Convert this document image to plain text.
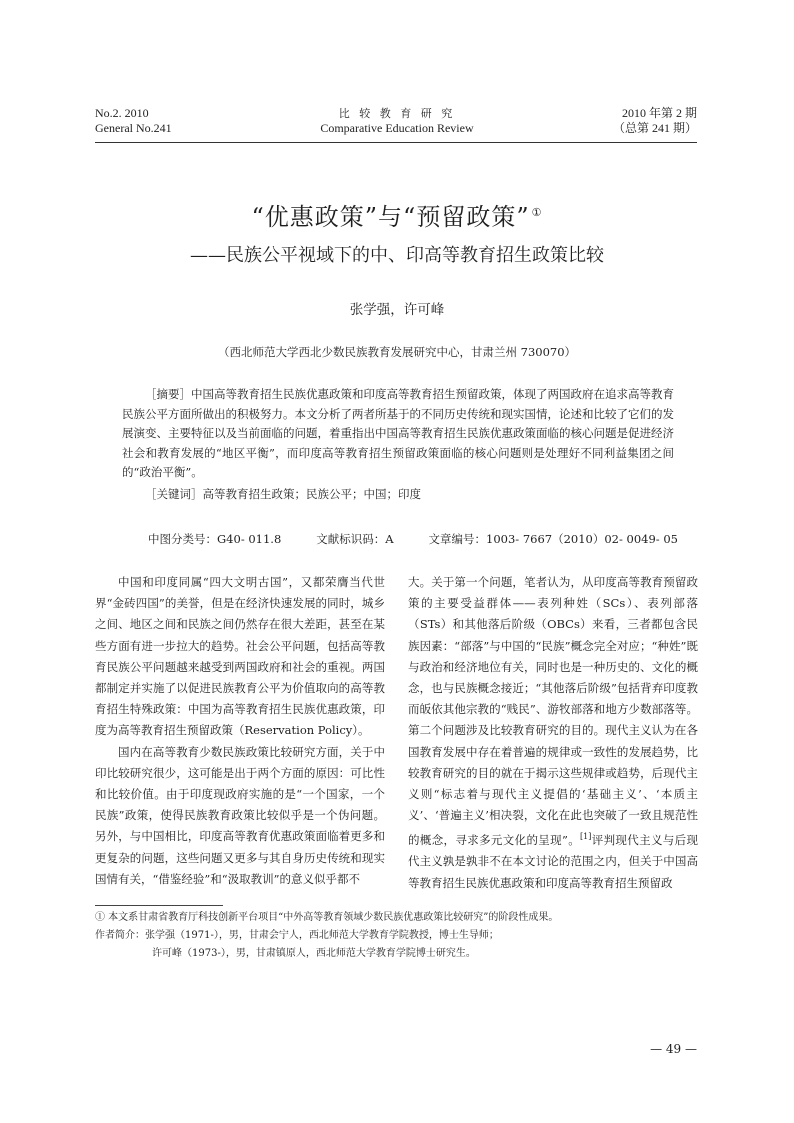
No.2. 2010
General No.241
比 较 教 育 研 究
Comparative Education Review
2010 年第 2 期
（总第 241 期）
“优惠政策”与“预留政策” ①
——民族公平视域下的中、印高等教育招生政策比较
张学强，许可峰
（西北师范大学西北少数民族教育发展研究中心，甘肃兰州 730070）
［摘要］中国高等教育招生民族优惠政策和印度高等教育招生预留政策，体现了两国政府在追求高等教育民族公平方面所做出的积极努力。本文分析了两者所基于的不同历史传统和现实国情，论述和比较了它们的发展演变、主要特征以及当前面临的问题，着重指出中国高等教育招生民族优惠政策面临的核心问题是促进经济社会和教育发展的“地区平衡”，而印度高等教育招生预留政策面临的核心问题则是处理好不同利益集团之间的“政治平衡”。
［关键词］高等教育招生政策；民族公平；中国；印度
中图分类号：G40- 011.8	文献标识码：A	文章编号：1003- 7667（2010）02- 0049- 05

中国和印度同属“四大文明古国”，又都荣膺当代世界“金砖四国”的美誉，但是在经济快速发展的同时，城乡之间、地区之间和民族之间仍然存在很大差距，甚至在某些方面有进一步拉大的趋势。社会公平问题，包括高等教育民族公平问题越来越受到两国政府和社会的重视。两国都制定并实施了以促进民族教育公平为价值取向的高等教育招生特殊政策：中国为高等教育招生民族优惠政策，印度为高等教育招生预留政策（Reservation Policy）。

国内在高等教育少数民族政策比较研究方面，关于中印比较研究很少，这可能是出于两个方面的原因：可比性和比较价值。由于印度现政府实施的是“一个国家，一个民族”政策，使得民族教育政策比较似乎是一个伪问题。另外，与中国相比，印度高等教育优惠政策面临着更多和更复杂的问题，这些问题又更多与其自身历史传统和现实国情有关，“借鉴经验”和“汲取教训”的意义似乎都不

大。关于第一个问题，笔者认为，从印度高等教育预留政策的主要受益群体——表列种姓（SCs）、表列部落（STs）和其他落后阶级（OBCs）来看，三者都包含民族因素：“部落”与中国的“民族”概念完全对应；“种姓”既与政治和经济地位有关，同时也是一种历史的、文化的概念，也与民族概念接近；“其他落后阶级”包括背弃印度教而皈依其他宗教的“贱民”、游牧部落和地方少数部落等。第二个问题涉及比较教育研究的目的。现代主义认为在各国教育发展中存在着普遍的规律或一致性的发展趋势，比较教育研究的目的就在于揭示这些规律或趋势，后现代主义则“标志着与现代主义提倡的‘基础主义’、‘本质主义’、‘普遍主义’相决裂，文化在此也突破了一致且规范性的概念，寻求多元文化的呈现”。[1]评判现代主义与后现代主义孰是孰非不在本文讨论的范围之内，但关于中国高等教育招生民族优惠政策和印度高等教育招生预留政

① 本文系甘肃省教育厅科技创新平台项目“中外高等教育领域少数民族优惠政策比较研究”的阶段性成果。
作者简介：张学强（1971-），男，甘肃会宁人，西北师范大学教育学院教授，博士生导师；
许可峰（1973-），男，甘肃镇原人，西北师范大学教育学院博士研究生。
— 49 —
